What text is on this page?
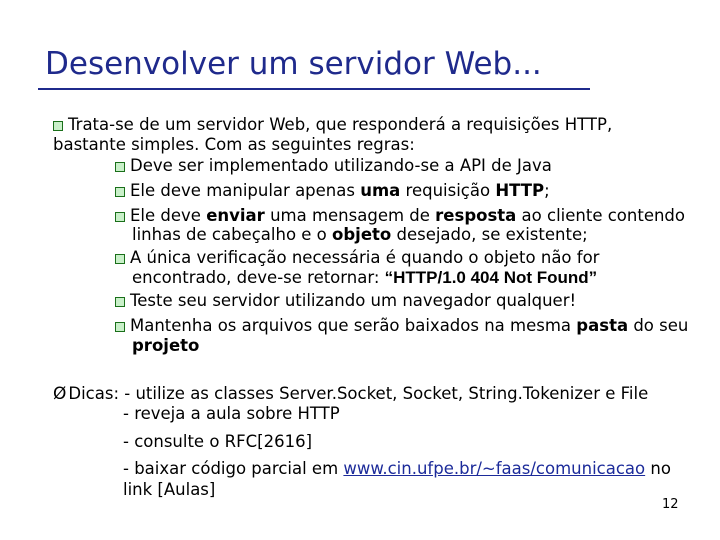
Desenvolver um servidor Web...
Trata-se de um servidor Web, que responderá a requisições HTTP,
bastante simples. Com as seguintes regras:
Deve ser implementado utilizando-se a API de Java
Ele deve manipular apenas uma requisição HTTP;
Ele deve enviar uma mensagem de resposta ao cliente contendo
linhas de cabeçalho e o objeto desejado, se existente;
A única verificação necessária é quando o objeto não for
encontrado, deve-se retornar: “HTTP/1.0 404 Not Found”
Teste seu servidor utilizando um navegador qualquer!
Mantenha os arquivos que serão baixados na mesma pasta do seu
projeto
Ø Dicas: - utilize as classes Server.Socket, Socket, String.Tokenizer e File
- reveja a aula sobre HTTP
- consulte o RFC[2616]
- baixar código parcial em www.cin.ufpe.br/~faas/comunicacao no
link [Aulas]
12
